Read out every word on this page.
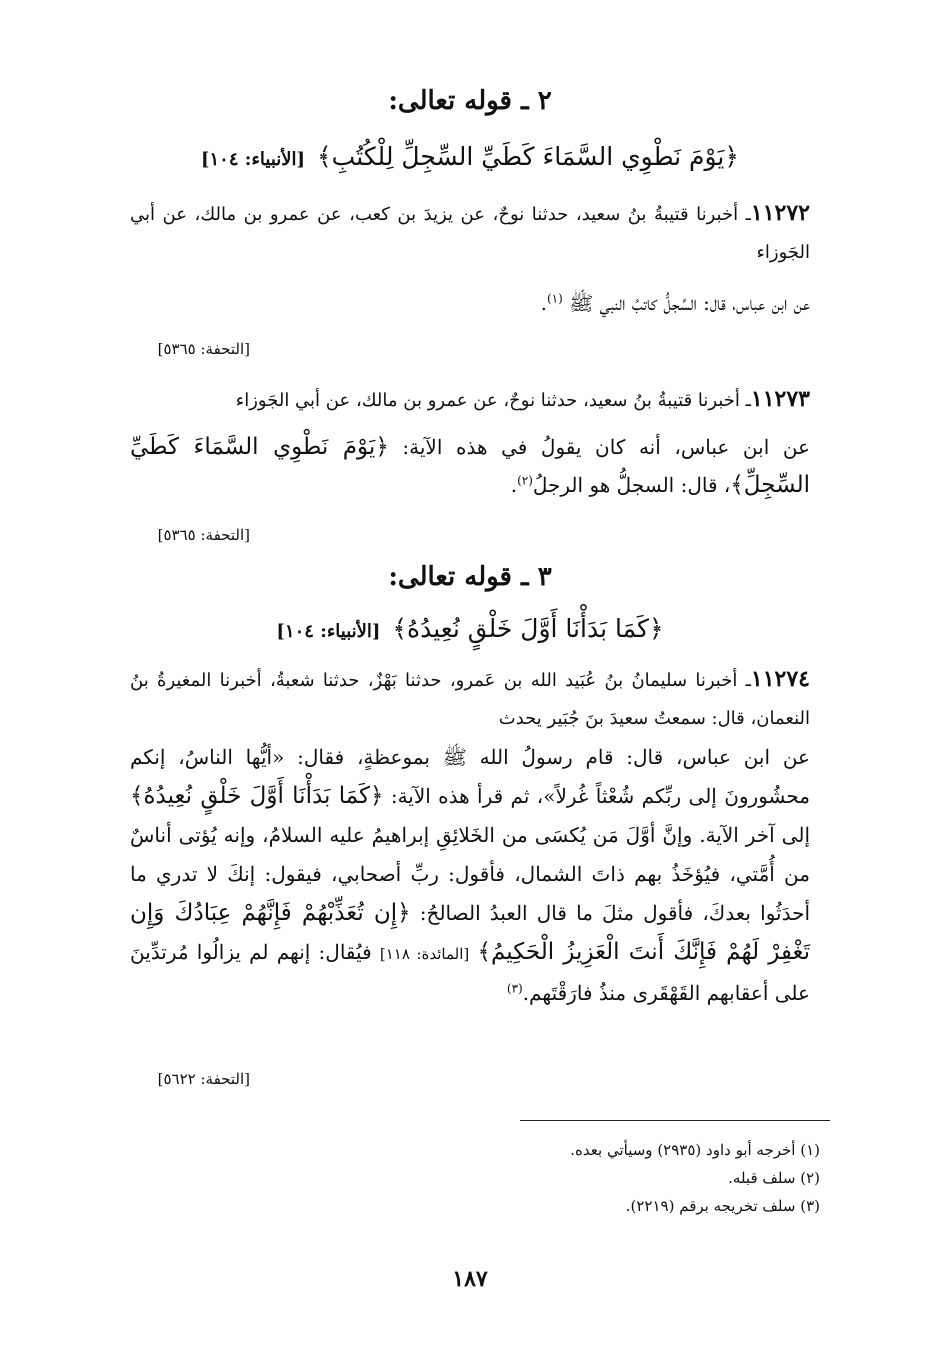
٢ ـ قوله تعالى:
﴿يَوْمَ نَطْوِي السَّمَاءَ كَطَيِّ السِّجِلِّ لِلْكُتُبِ﴾ [الأنبياء: ١٠٤]
١١٢٧٢ـ أخبرنا قتيبةُ بنُ سعيد، حدثنا نوحٌ، عن يزيدَ بن كعب، عن عمرو بن مالك، عن أبي الجَوزاء
عن ابن عباس، قال: السِّجلُّ كاتبُ النبي ﷺ $^{(١)}$.
[التحفة: ٥٣٦٥]
١١٢٧٣ـ أخبرنا قتيبةُ بنُ سعيد، حدثنا نوحٌ، عن عمرو بن مالك، عن أبي الجَوزاء
عن ابن عباس، أنه كان يقولُ في هذه الآية: ﴿يَوْمَ نَطْوِي السَّمَاءَ كَطَيِّ السِّجِلِّ﴾، قال: السجلُّ هو الرجلُ$^{(٢)}$.
[التحفة: ٥٣٦٥]
٣ ـ قوله تعالى:
﴿كَمَا بَدَأْنَا أَوَّلَ خَلْقٍ نُعِيدُهُ﴾ [الأنبياء: ١٠٤]
١١٢٧٤ـ أخبرنا سليمانُ بنُ عُبَيد الله بن عَمرو، حدثنا بَهْزٌ، حدثنا شعبةُ، أخبرنا المغيرةُ بنُ النعمان، قال: سمعتُ سعيدَ بنَ جُبَير يحدث
عن ابن عباس، قال: قام رسولُ الله ﷺ بموعظةٍ، فقال: «أيُّها الناسُ، إنكم محشُورونَ إلى ربِّكم شُعْثاً غُرلاً»، ثم قرأ هذه الآية: ﴿كَمَا بَدَأْنَا أَوَّلَ خَلْقٍ نُعِيدُهُ﴾ إلى آخر الآية. وإنَّ أوَّلَ مَن يُكسَى من الخَلائِقِ إبراهيمُ عليه السلامُ، وإنه يُؤتى أناسٌ من أُمَّتي، فيُؤخَذُ بهم ذاتَ الشمال، فأقول: ربِّ أصحابي، فيقول: إنكَ لا تدري ما أحدَثُوا بعدكَ، فأقول مثلَ ما قال العبدُ الصالحُ: ﴿إِن تُعَذِّبْهُمْ فَإِنَّهُمْ عِبَادُكَ وَإِن تَغْفِرْ لَهُمْ فَإِنَّكَ أَنتَ الْعَزِيزُ الْحَكِيمُ﴾ [المائدة: ١١٨] فيُقال: إنهم لم يزالُوا مُرتدِّينَ على أعقابهم القَهْقَرى منذُ فارَقْتَهم.$^{(٣)}$
[التحفة: ٥٦٢٢]
(١) أخرجه أبو داود (٢٩٣٥) وسيأتي بعده.
(٢) سلف قبله.
(٣) سلف تخريجه برقم (٢٢١٩).
١٨٧
